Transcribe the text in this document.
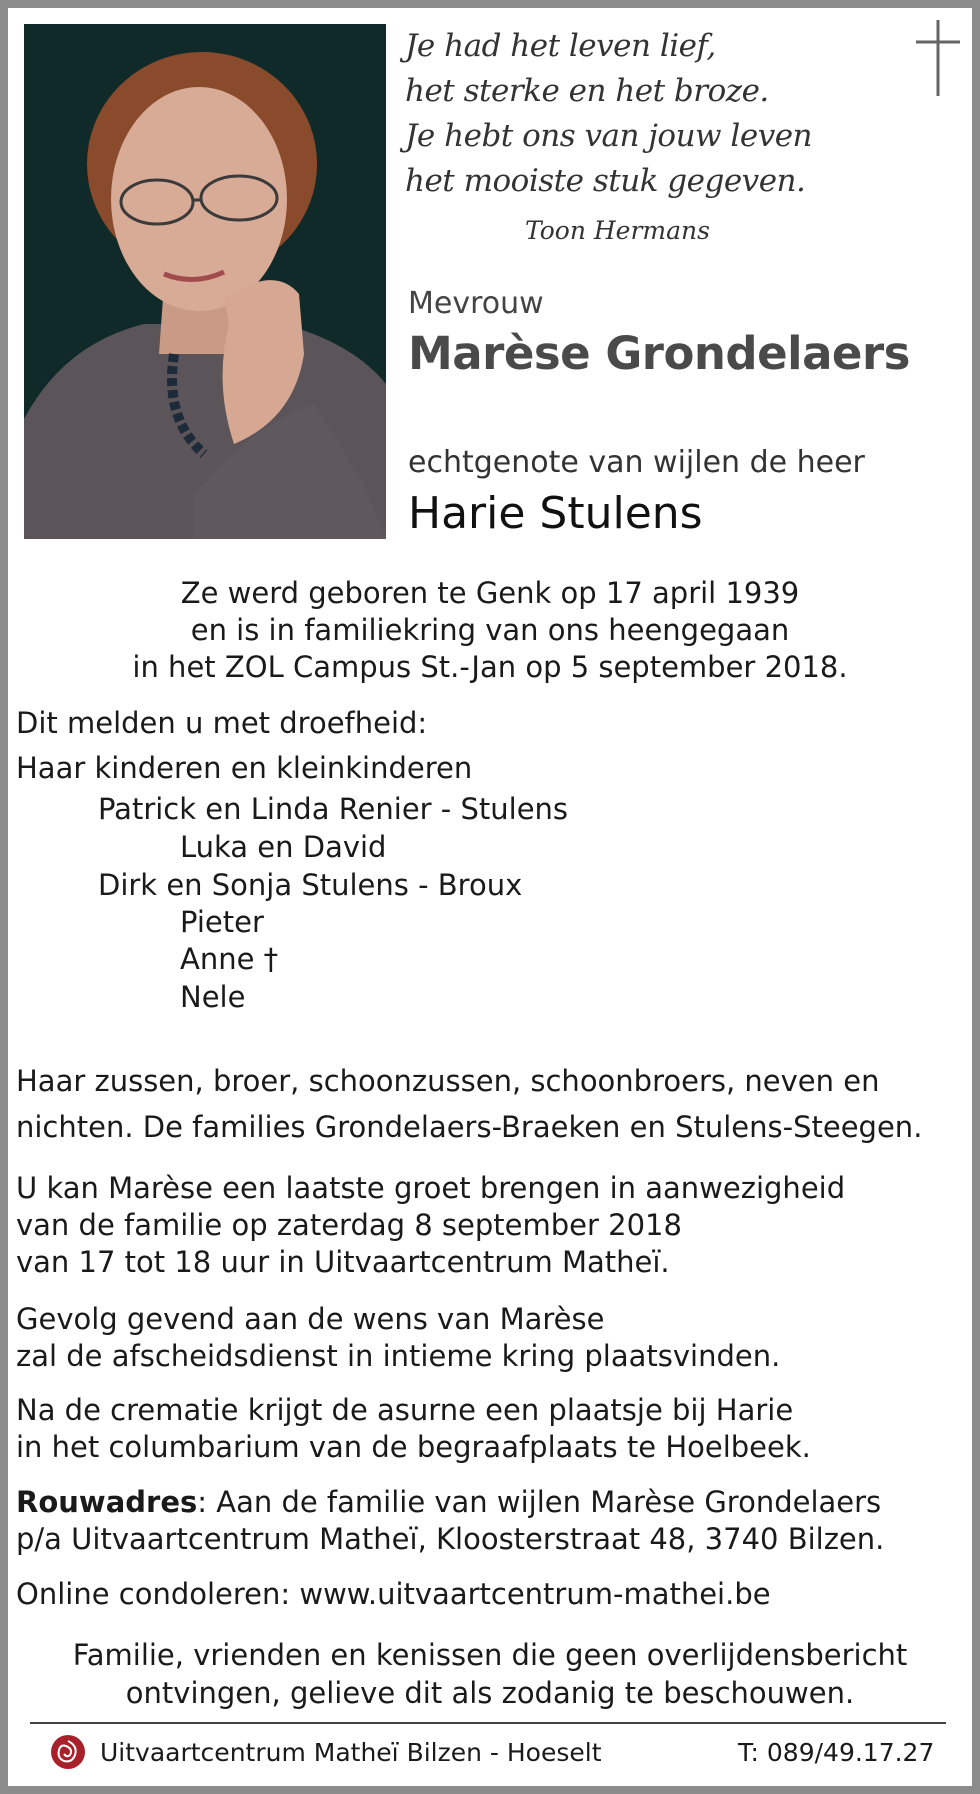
Je had het leven lief,
het sterke en het broze.
Je hebt ons van jouw leven
het mooiste stuk gegeven.
Toon Hermans
Mevrouw
Marèse Grondelaers
echtgenote van wijlen de heer
Harie Stulens
Ze werd geboren te Genk op 17 april 1939
en is in familiekring van ons heengegaan
in het ZOL Campus St.-Jan op 5 september 2018.
Dit melden u met droefheid:
Haar kinderen en kleinkinderen
Patrick en Linda Renier - Stulens
Luka en David
Dirk en Sonja Stulens - Broux
Pieter
Anne †
Nele
Haar zussen, broer, schoonzussen, schoonbroers, neven en
nichten. De families Grondelaers-Braeken en Stulens-Steegen.
U kan Marèse een laatste groet brengen in aanwezigheid
van de familie op zaterdag 8 september 2018
van 17 tot 18 uur in Uitvaartcentrum Matheï.
Gevolg gevend aan de wens van Marèse
zal de afscheidsdienst in intieme kring plaatsvinden.
Na de crematie krijgt de asurne een plaatsje bij Harie
in het columbarium van de begraafplaats te Hoelbeek.
Rouwadres: Aan de familie van wijlen Marèse Grondelaers
p/a Uitvaartcentrum Matheï, Kloosterstraat 48, 3740 Bilzen.
Online condoleren: www.uitvaartcentrum-mathei.be
Familie, vrienden en kenissen die geen overlijdensbericht
ontvingen, gelieve dit als zodanig te beschouwen.
Uitvaartcentrum Matheï Bilzen - Hoeselt	T: 089/49.17.27
